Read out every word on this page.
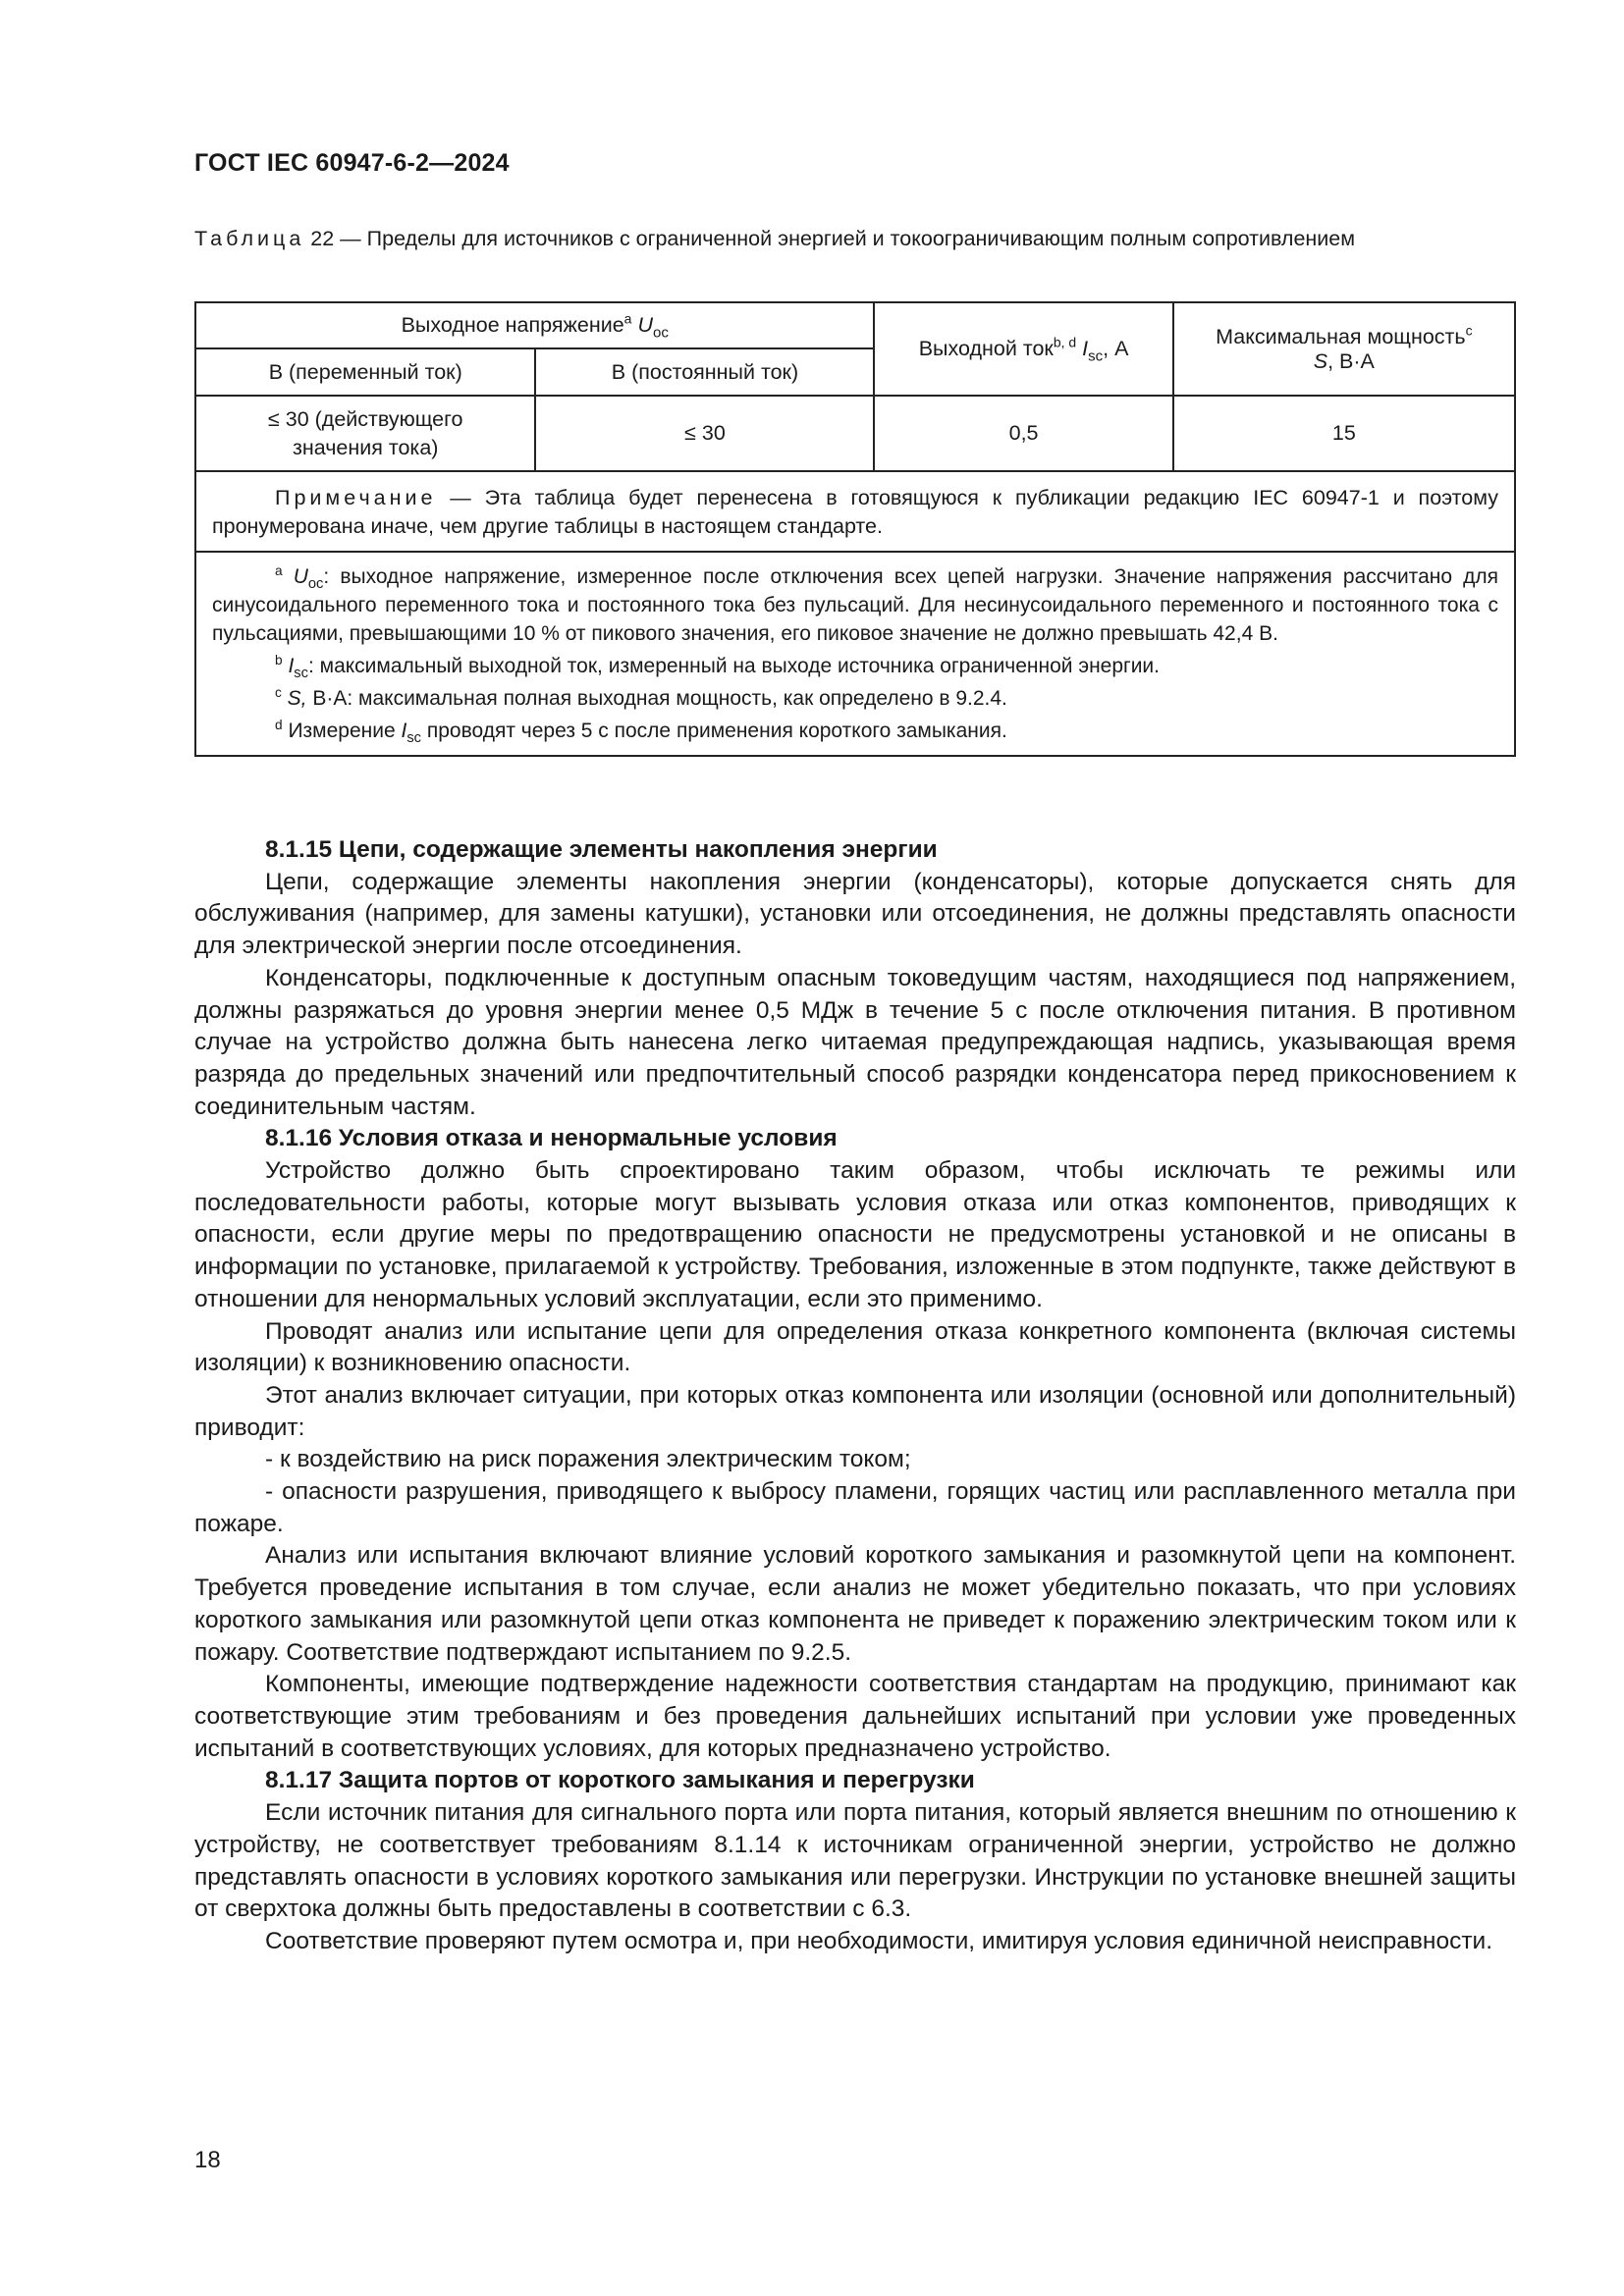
ГОСТ IEC 60947-6-2—2024
Таблица 22 — Пределы для источников с ограниченной энергией и токоограничивающим полным сопротивлением
Выходное напряжение$^a$ $U_{oc}$		Выходной ток$^{b, d}$ $I_{sc}$, А	Максимальная мощность$^c$
S, В·А
В (переменный ток)	В (постоянный ток)		
≤ 30 (действующего значения тока)	≤ 30	0,5	15

Примечание — Эта таблица будет перенесена в готовящуюся к публикации редакцию IEC 60947-1 и поэтому пронумерована иначе, чем другие таблицы в настоящем стандарте.			

$^a$ $U_{oc}$: выходное напряжение, измеренное после отключения всех цепей нагрузки. Значение напряжения рассчитано для синусоидального переменного тока и постоянного тока без пульсаций. Для несинусоидального переменного и постоянного тока с пульсациями, превышающими 10 % от пикового значения, его пиковое значение не должно превышать 42,4 В.
$^b$ $I_{sc}$: максимальный выходной ток, измеренный на выходе источника ограниченной энергии.
$^c$ S, В·А: максимальная полная выходная мощность, как определено в 9.2.4.
$^d$ Измерение $I_{sc}$ проводят через 5 с после применения короткого замыкания.			
8.1.15 Цепи, содержащие элементы накопления энергии

Цепи, содержащие элементы накопления энергии (конденсаторы), которые допускается снять для обслуживания (например, для замены катушки), установки или отсоединения, не должны представлять опасности для электрической энергии после отсоединения.

Конденсаторы, подключенные к доступным опасным токоведущим частям, находящиеся под напряжением, должны разряжаться до уровня энергии менее 0,5 МДж в течение 5 с после отключения питания. В противном случае на устройство должна быть нанесена легко читаемая предупреждающая надпись, указывающая время разряда до предельных значений или предпочтительный способ разрядки конденсатора перед прикосновением к соединительным частям.

8.1.16 Условия отказа и ненормальные условия

Устройство должно быть спроектировано таким образом, чтобы исключать те режимы или последовательности работы, которые могут вызывать условия отказа или отказ компонентов, приводящих к опасности, если другие меры по предотвращению опасности не предусмотрены установкой и не описаны в информации по установке, прилагаемой к устройству. Требования, изложенные в этом подпункте, также действуют в отношении для ненормальных условий эксплуатации, если это применимо.

Проводят анализ или испытание цепи для определения отказа конкретного компонента (включая системы изоляции) к возникновению опасности.

Этот анализ включает ситуации, при которых отказ компонента или изоляции (основной или дополнительный) приводит:

- к воздействию на риск поражения электрическим током;

- опасности разрушения, приводящего к выбросу пламени, горящих частиц или расплавленного металла при пожаре.

Анализ или испытания включают влияние условий короткого замыкания и разомкнутой цепи на компонент. Требуется проведение испытания в том случае, если анализ не может убедительно показать, что при условиях короткого замыкания или разомкнутой цепи отказ компонента не приведет к поражению электрическим током или к пожару. Соответствие подтверждают испытанием по 9.2.5.

Компоненты, имеющие подтверждение надежности соответствия стандартам на продукцию, принимают как соответствующие этим требованиям и без проведения дальнейших испытаний при условии уже проведенных испытаний в соответствующих условиях, для которых предназначено устройство.

8.1.17 Защита портов от короткого замыкания и перегрузки

Если источник питания для сигнального порта или порта питания, который является внешним по отношению к устройству, не соответствует требованиям 8.1.14 к источникам ограниченной энергии, устройство не должно представлять опасности в условиях короткого замыкания или перегрузки. Инструкции по установке внешней защиты от сверхтока должны быть предоставлены в соответствии с 6.3.

Соответствие проверяют путем осмотра и, при необходимости, имитируя условия единичной неисправности.

18
